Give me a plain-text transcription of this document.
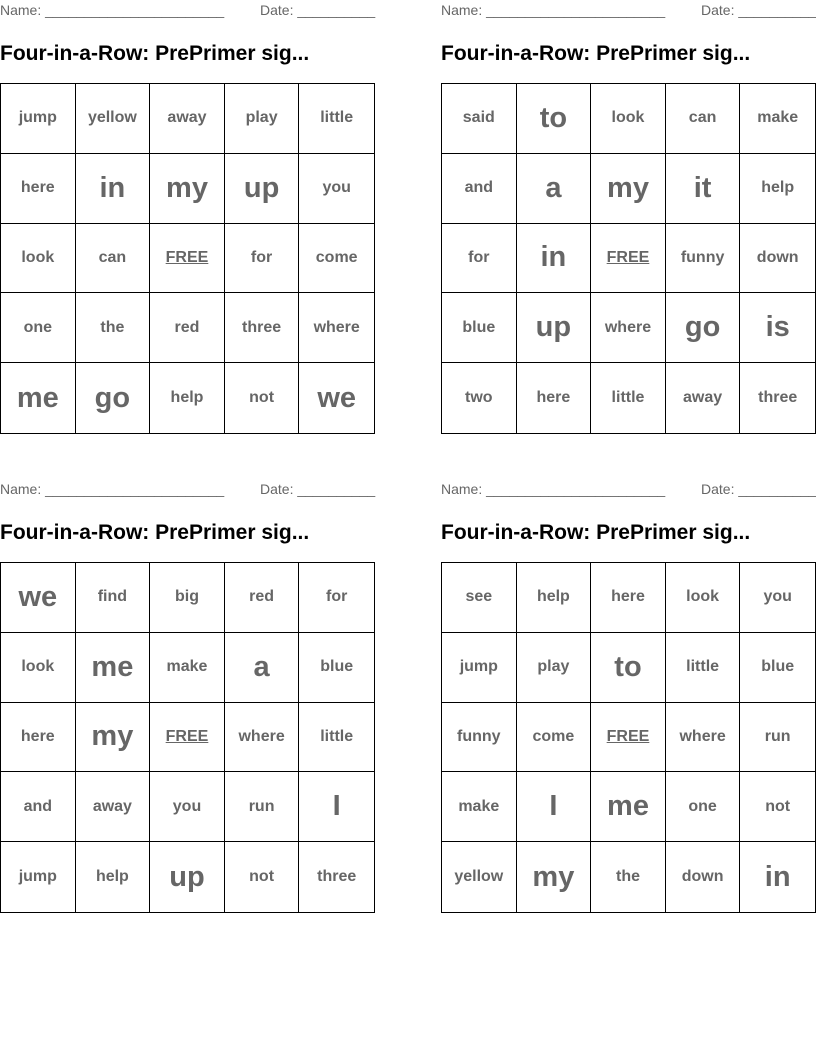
Name: _______________________	Date: __________
Four-in-a-Row: PrePrimer sig...
jump	yellow	away	play	little
here	in	my	up	you
look	can	FREE	for	come
one	the	red	three	where
me	go	help	not	we
Name: _______________________	Date: __________
Four-in-a-Row: PrePrimer sig...
said	to	look	can	make
and	a	my	it	help
for	in	FREE	funny	down
blue	up	where	go	is
two	here	little	away	three
Name: _______________________	Date: __________
Four-in-a-Row: PrePrimer sig...
we	find	big	red	for
look	me	make	a	blue
here	my	FREE	where	little
and	away	you	run	I
jump	help	up	not	three
Name: _______________________	Date: __________
Four-in-a-Row: PrePrimer sig...
see	help	here	look	you
jump	play	to	little	blue
funny	come	FREE	where	run
make	I	me	one	not
yellow	my	the	down	in
